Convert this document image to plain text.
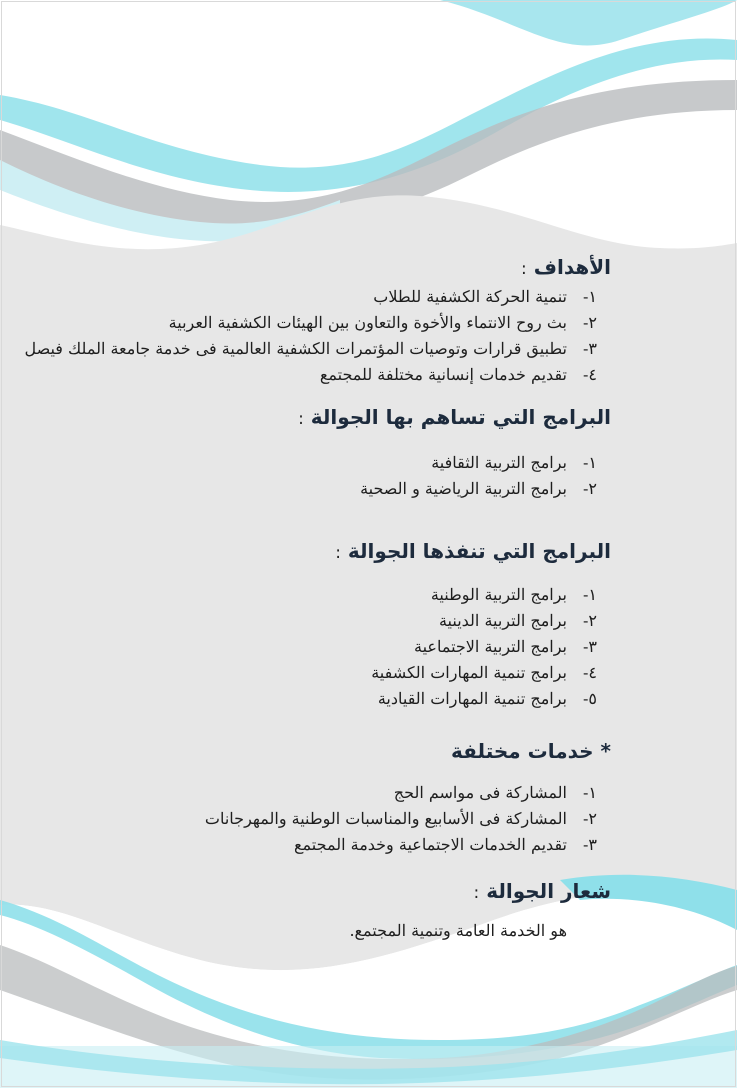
الأهداف :
١-تنمية الحركة الكشفية للطلاب
٢-بث روح الانتماء والأخوة والتعاون بين الهيئات الكشفية العربية
٣-تطبيق قرارات وتوصيات المؤتمرات الكشفية العالمية فى خدمة جامعة الملك فيصل
٤-تقديم خدمات إنسانية مختلفة للمجتمع
البرامج التي تساهم بها الجوالة :
١-برامج التربية الثقافية
٢-برامج التربية الرياضية و الصحية
البرامج التي تنفذها الجوالة :
١-برامج التربية الوطنية
٢-برامج التربية الدينية
٣-برامج التربية الاجتماعية
٤-برامج تنمية المهارات الكشفية
٥-برامج تنمية المهارات القيادية
* خدمات مختلفة
١-المشاركة فى مواسم الحج
٢-المشاركة فى الأسابيع والمناسبات الوطنية والمهرجانات
٣-تقديم الخدمات الاجتماعية وخدمة المجتمع
شعار الجوالة :
هو الخدمة العامة وتنمية المجتمع.
